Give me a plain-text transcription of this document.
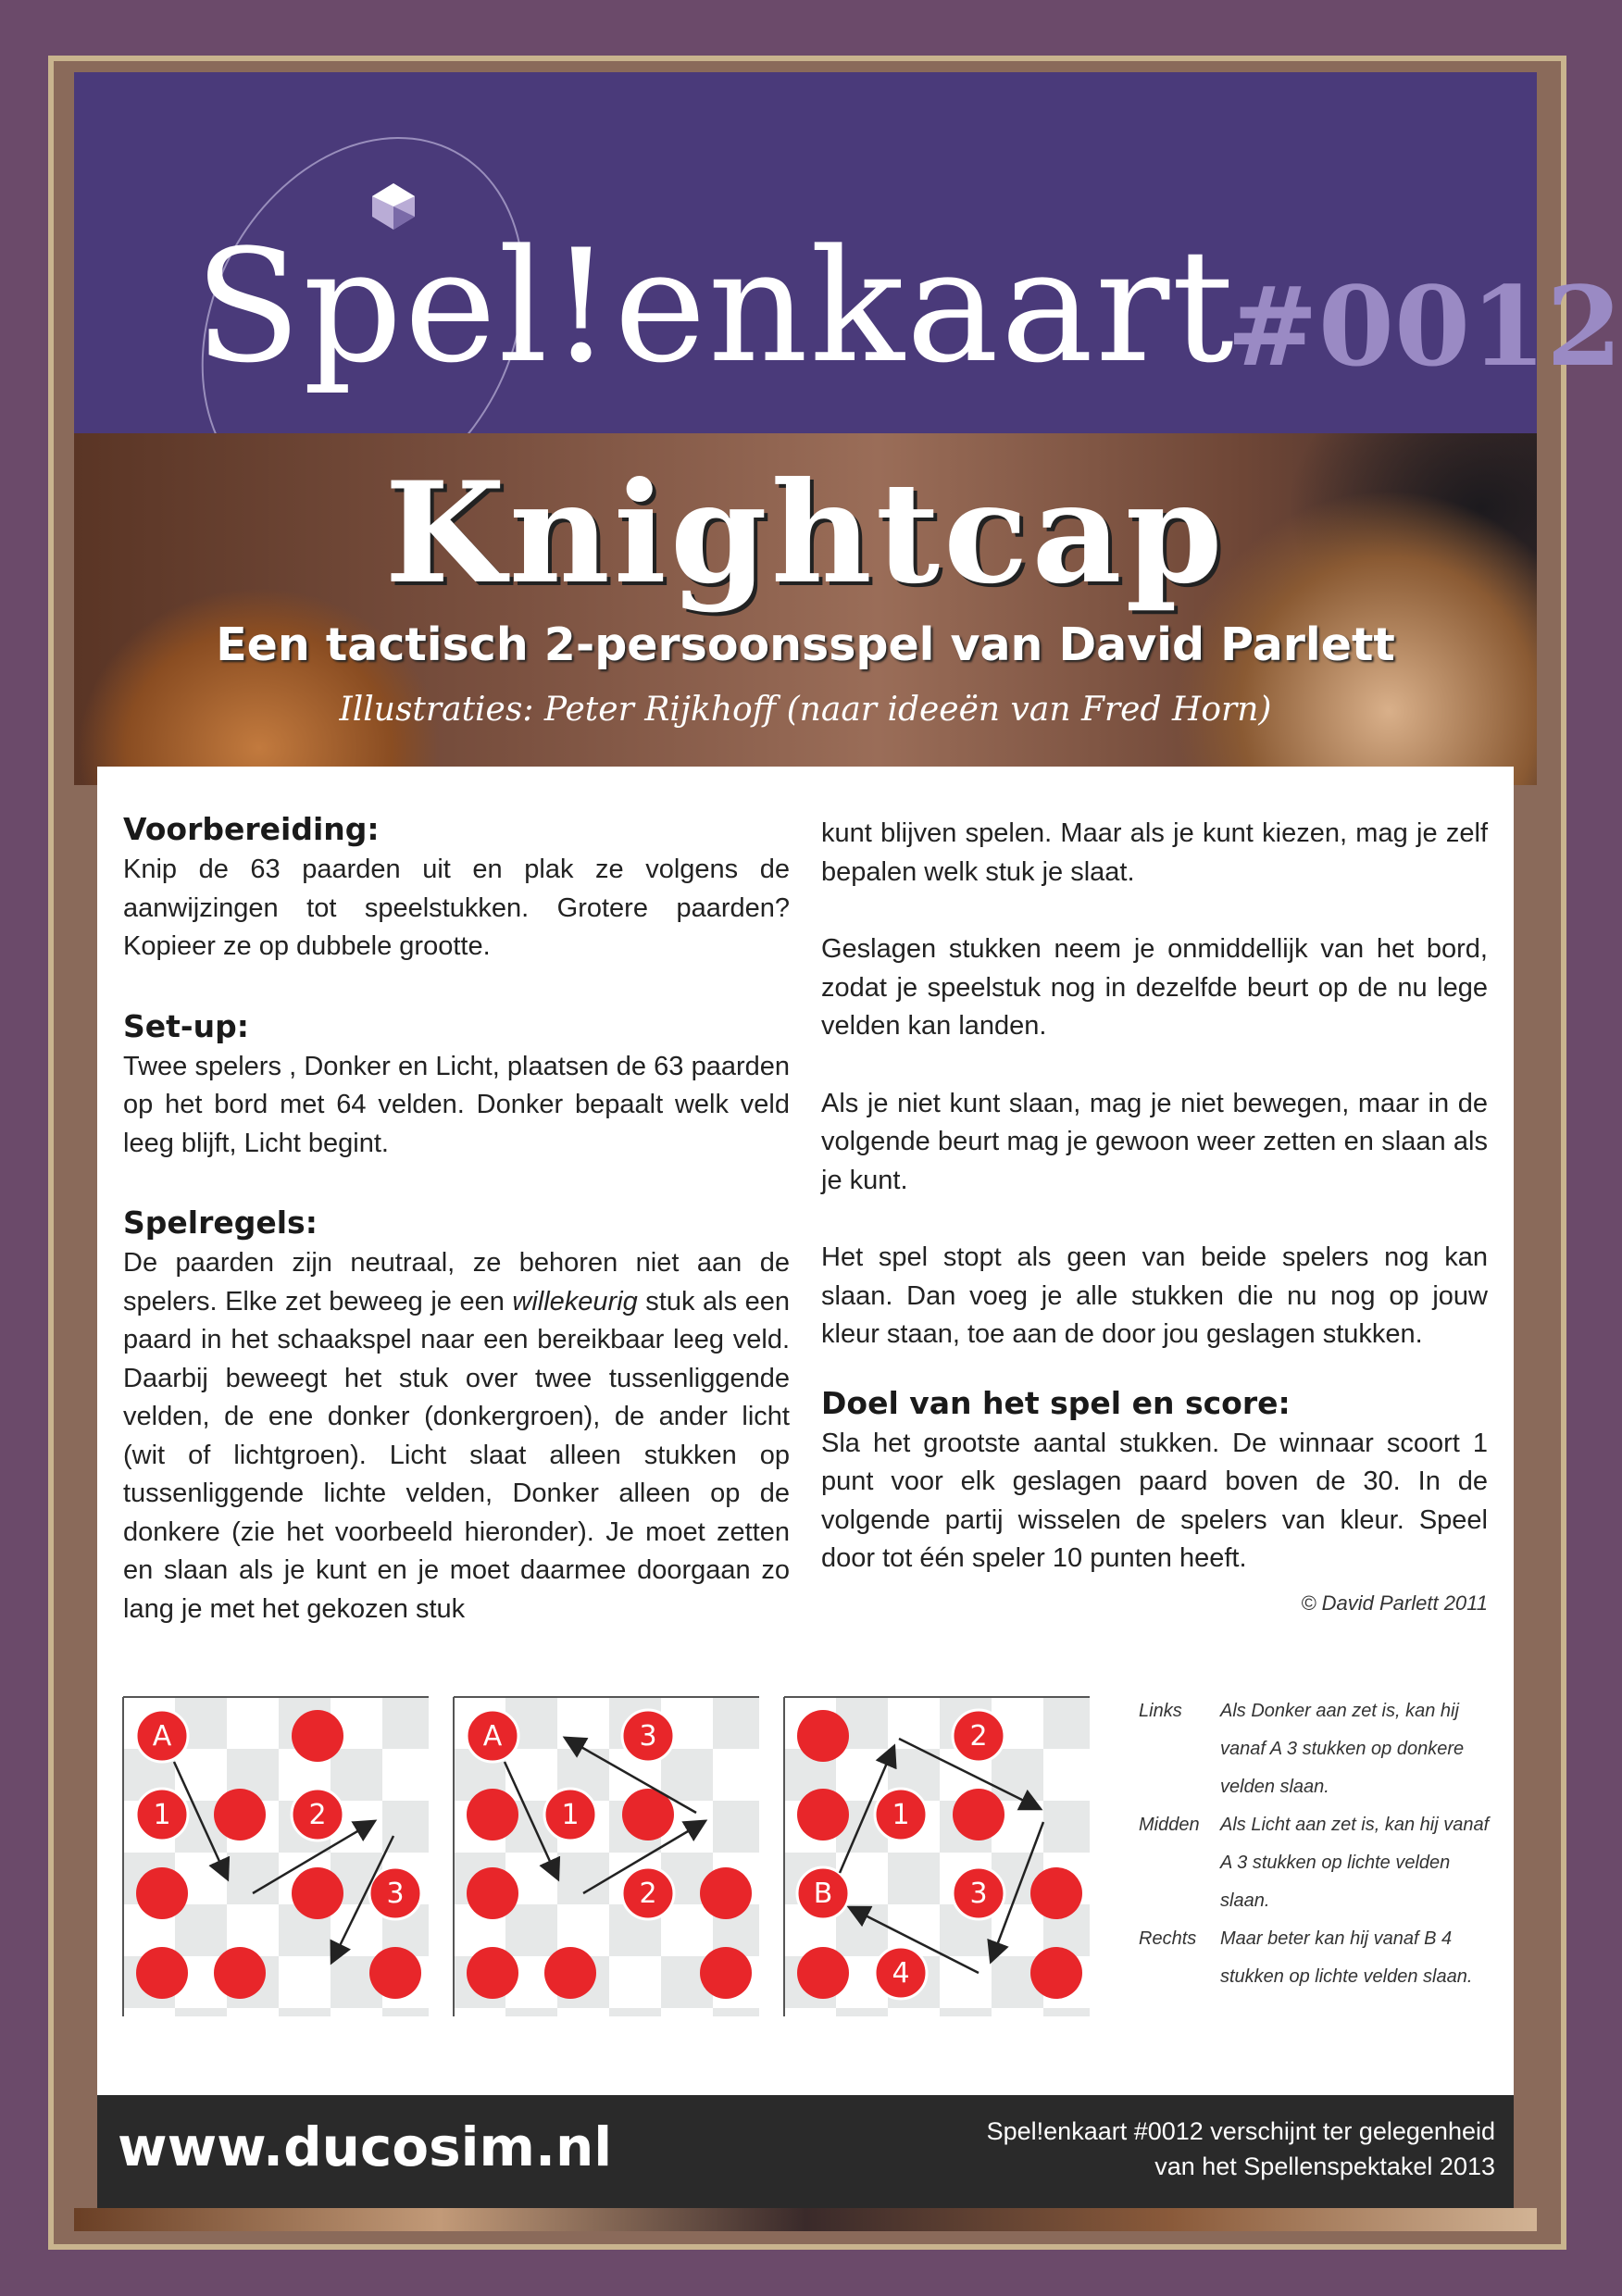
Spel!enkaart
#0012
Knightcap
Een tactisch 2-persoonsspel van David Parlett
Illustraties: Peter Rijkhoff (naar ideeën van Fred Horn)
Voorbereiding:

Knip de 63 paarden uit en plak ze volgens de aanwijzingen tot speelstukken. Grotere paarden? Kopieer ze op dubbele grootte.

Set-up:

Twee spelers , Donker en Licht, plaatsen de 63 paarden op het bord met 64 velden. Donker bepaalt welk veld leeg blijft, Licht begint.

Spelregels:

De paarden zijn neutraal, ze behoren niet aan de spelers. Elke zet beweeg je een willekeurig stuk als een paard in het schaakspel naar een bereikbaar leeg veld. Daarbij beweegt het stuk over twee tussenliggende velden, de ene donker (donkergroen), de ander licht (wit of lichtgroen). Licht slaat alleen stukken op tussenliggende lichte velden, Donker alleen op de donkere (zie het voorbeeld hieronder). Je moet zetten en slaan als je kunt en je moet daarmee doorgaan zo lang je met het gekozen stuk

kunt blijven spelen. Maar als je kunt kiezen, mag je zelf bepalen welk stuk je slaat.

Geslagen stukken neem je onmiddellijk van het bord, zodat je speelstuk nog in dezelfde beurt op de nu lege velden kan landen.

Als je niet kunt slaan, mag je niet bewegen, maar in de volgende beurt mag je gewoon weer zetten en slaan als je kunt.

Het spel stopt als geen van beide spelers nog kan slaan. Dan voeg je alle stukken die nu nog op jouw kleur staan, toe aan de door jou geslagen stukken.

Doel van het spel en score:

Sla het grootste aantal stukken. De winnaar scoort 1 punt voor elk geslagen paard boven de 30. In de volgende partij wisselen de spelers van kleur. Speel door tot één speler 10 punten heeft.

© David Parlett 2011
A
1	2
3
A
1
2
3
B
1
2
3
4
Links	Als Donker aan zet is, kan hij vanaf A 3 stukken op donkere velden slaan.
Midden	Als Licht aan zet is, kan hij vanaf A 3 stukken op lichte velden slaan.
Rechts	Maar beter kan hij vanaf B 4 stukken op lichte velden slaan.
www.ducosim.nl	Spel!enkaart #0012 verschijnt ter gelegenheid
van het Spellenspektakel 2013
